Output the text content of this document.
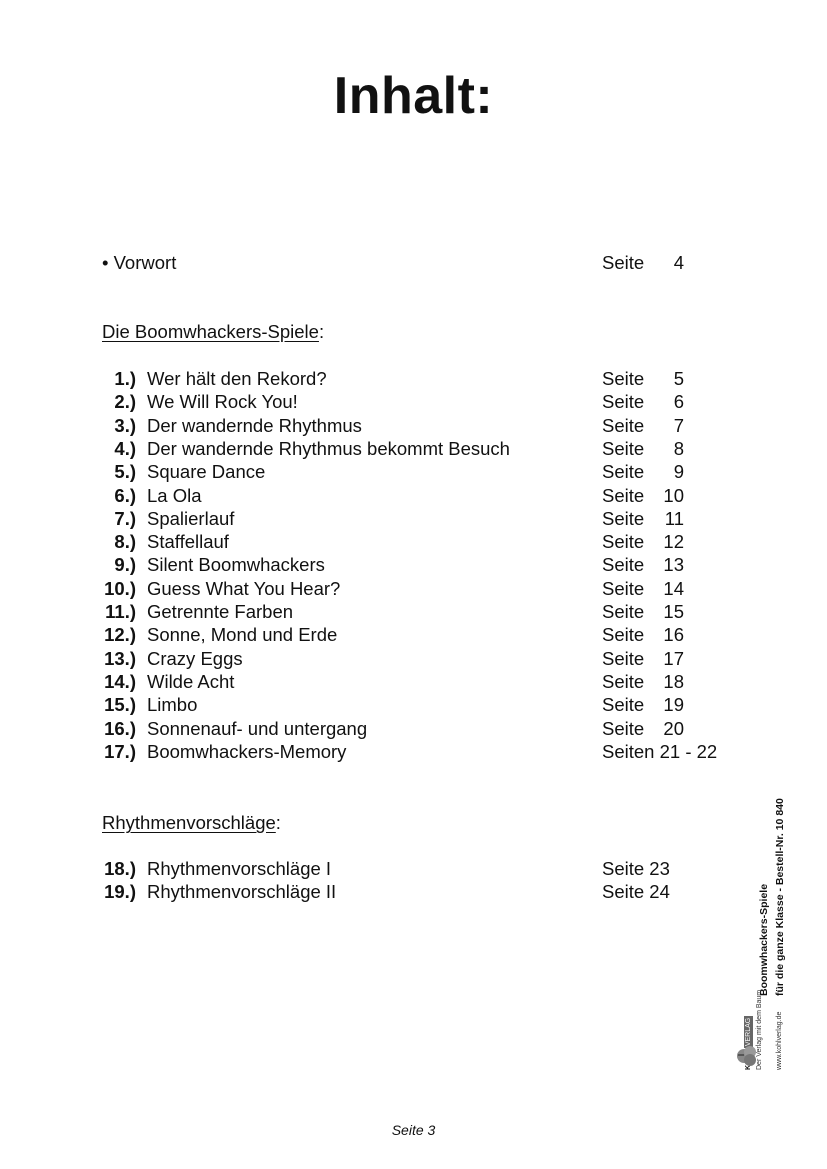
Inhalt:
• Vorwort	Seite	4
Die Boomwhackers-Spiele:
1.) Wer hält den Rekord?	Seite	5
2.) We Will Rock You!	Seite	6
3.) Der wandernde Rhythmus	Seite	7
4.) Der wandernde Rhythmus bekommt Besuch	Seite	8
5.) Square Dance	Seite	9
6.) La Ola	Seite	10
7.) Spalierlauf	Seite	11
8.) Staffellauf	Seite	12
9.) Silent Boomwhackers	Seite	13
10.) Guess What You Hear?	Seite	14
11.) Getrennte Farben	Seite	15
12.) Sonne, Mond und Erde	Seite	16
13.) Crazy Eggs	Seite	17
14.) Wilde Acht	Seite	18
15.) Limbo	Seite	19
16.) Sonnenauf- und untergang	Seite	20
17.) Boomwhackers-Memory	Seiten 21 - 22
Rhythmenvorschläge:
18.) Rhythmenvorschläge I	Seite 23
19.) Rhythmenvorschläge II	Seite 24	Boomwhackers-Spiele für die ganze Klasse - Bestell-Nr. 10 840
VERLAG Der Verlag mit dem Baum www.kohlverlag.de
Seite 3
